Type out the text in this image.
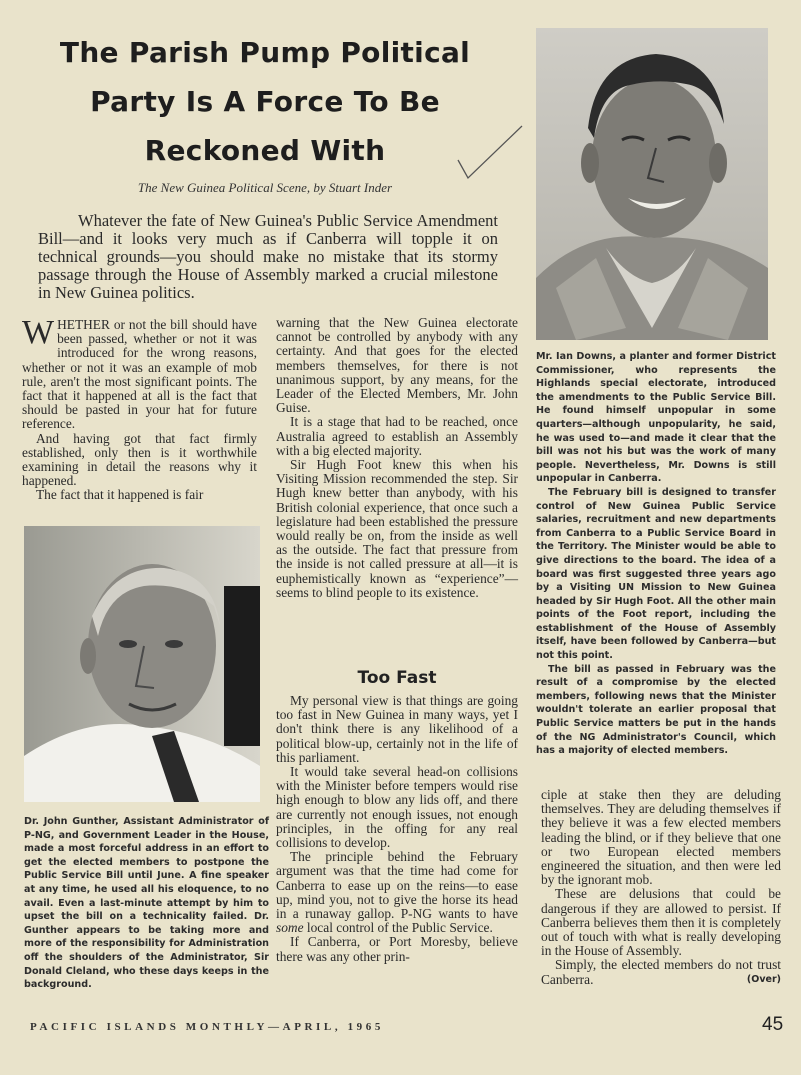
The Parish Pump Political
Party Is A Force To Be
Reckoned With
The New Guinea Political Scene, by Stuart Inder

Whatever the fate of New Guinea's Public Service Amendment Bill—and it looks very much as if Canberra will topple it on technical grounds—you should make no mistake that its stormy passage through the House of Assembly marked a crucial milestone in New Guinea politics.

WHETHER or not the bill should have been passed, whether or not it was introduced for the wrong reasons, whether or not it was an example of mob rule, aren't the most significant points. The fact that it happened at all is the fact that should be pasted in your hat for future reference.

And having got that fact firmly established, only then is it worthwhile examining in detail the reasons why it happened.

The fact that it happened is fair

Dr. John Gunther, Assistant Administrator of P-NG, and Government Leader in the House, made a most forceful address in an effort to get the elected members to postpone the Public Service Bill until June. A fine speaker at any time, he used all his eloquence, to no avail. Even a last-minute attempt by him to upset the bill on a technicality failed. Dr. Gunther appears to be taking more and more of the responsibility for Administration off the shoulders of the Administrator, Sir Donald Cleland, who these days keeps in the background.

warning that the New Guinea electorate cannot be controlled by anybody with any certainty. And that goes for the elected members themselves, for there is not unanimous support, by any means, for the Leader of the Elected Members, Mr. John Guise.

It is a stage that had to be reached, once Australia agreed to establish an Assembly with a big elected majority.

Sir Hugh Foot knew this when his Visiting Mission recommended the step. Sir Hugh knew better than anybody, with his British colonial experience, that once such a legislature had been established the pressure would really be on, from the inside as well as the outside. The fact that pressure from the inside is not called pressure at all—it is euphemistically known as “experience”—seems to blind people to its existence.

Too Fast

My personal view is that things are going too fast in New Guinea in many ways, yet I don't think there is any likelihood of a political blow-up, certainly not in the life of this parliament.

It would take several head-on collisions with the Minister before tempers would rise high enough to blow any lids off, and there are currently not enough issues, not enough principles, in the offing for any real collisions to develop.

The principle behind the February argument was that the time had come for Canberra to ease up on the reins—to ease up, mind you, not to give the horse its head in a runaway gallop. P-NG wants to have some local control of the Public Service.

If Canberra, or Port Moresby, believe there was any other prin-

Mr. Ian Downs, a planter and former District Commissioner, who represents the Highlands special electorate, introduced the amendments to the Public Service Bill. He found himself unpopular in some quarters—although unpopularity, he said, he was used to—and made it clear that the bill was not his but was the work of many people. Nevertheless, Mr. Downs is still unpopular in Canberra.

The February bill is designed to transfer control of New Guinea Public Service salaries, recruitment and new departments from Canberra to a Public Service Board in the Territory. The Minister would be able to give directions to the board. The idea of a board was first suggested three years ago by a Visiting UN Mission to New Guinea headed by Sir Hugh Foot. All the other main points of the Foot report, including the establishment of the House of Assembly itself, have been followed by Canberra—but not this point.

The bill as passed in February was the result of a compromise by the elected members, following news that the Minister wouldn't tolerate an earlier proposal that Public Service matters be put in the hands of the NG Administrator's Council, which has a majority of elected members.

ciple at stake then they are deluding themselves. They are deluding themselves if they believe it was a few elected members leading the blind, or if they believe that one or two European elected members engineered the situation, and then were led by the ignorant mob.

These are delusions that could be dangerous if they are allowed to persist. If Canberra believes them then it is completely out of touch with what is really developing in the House of Assembly.

Simply, the elected members do not trust Canberra.	(Over)

PACIFIC ISLANDS MONTHLY—APRIL, 1965	45
